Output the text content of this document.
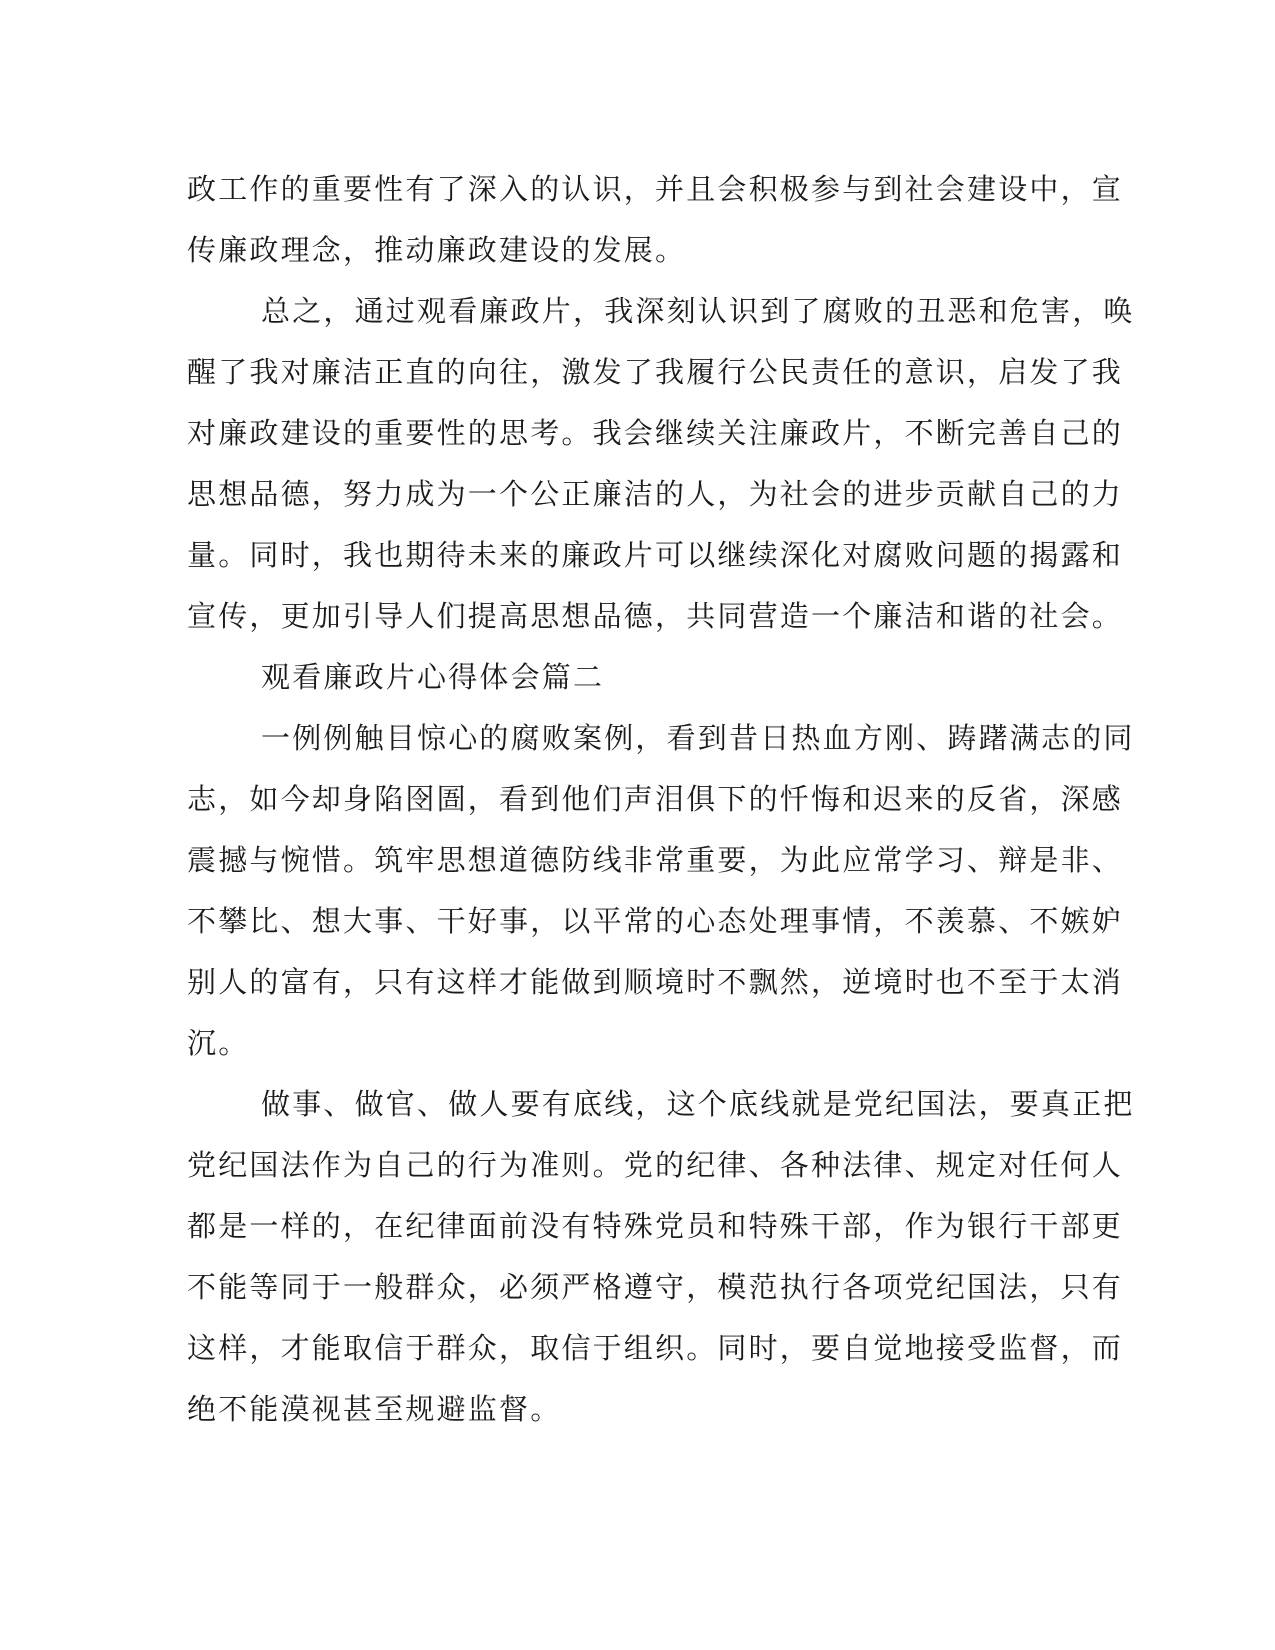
政工作的重要性有了深入的认识，并且会积极参与到社会建设中，宣
传廉政理念，推动廉政建设的发展。
总之，通过观看廉政片，我深刻认识到了腐败的丑恶和危害，唤
醒了我对廉洁正直的向往，激发了我履行公民责任的意识，启发了我
对廉政建设的重要性的思考。我会继续关注廉政片，不断完善自己的
思想品德，努力成为一个公正廉洁的人，为社会的进步贡献自己的力
量。同时，我也期待未来的廉政片可以继续深化对腐败问题的揭露和
宣传，更加引导人们提高思想品德，共同营造一个廉洁和谐的社会。
观看廉政片心得体会篇二
一例例触目惊心的腐败案例，看到昔日热血方刚、踌躇满志的同
志，如今却身陷囹圄，看到他们声泪俱下的忏悔和迟来的反省，深感
震撼与惋惜。筑牢思想道德防线非常重要，为此应常学习、辩是非、
不攀比、想大事、干好事，以平常的心态处理事情，不羡慕、不嫉妒
别人的富有，只有这样才能做到顺境时不飘然，逆境时也不至于太消
沉。
做事、做官、做人要有底线，这个底线就是党纪国法，要真正把
党纪国法作为自己的行为准则。党的纪律、各种法律、规定对任何人
都是一样的，在纪律面前没有特殊党员和特殊干部，作为银行干部更
不能等同于一般群众，必须严格遵守，模范执行各项党纪国法，只有
这样，才能取信于群众，取信于组织。同时，要自觉地接受监督，而
绝不能漠视甚至规避监督。
